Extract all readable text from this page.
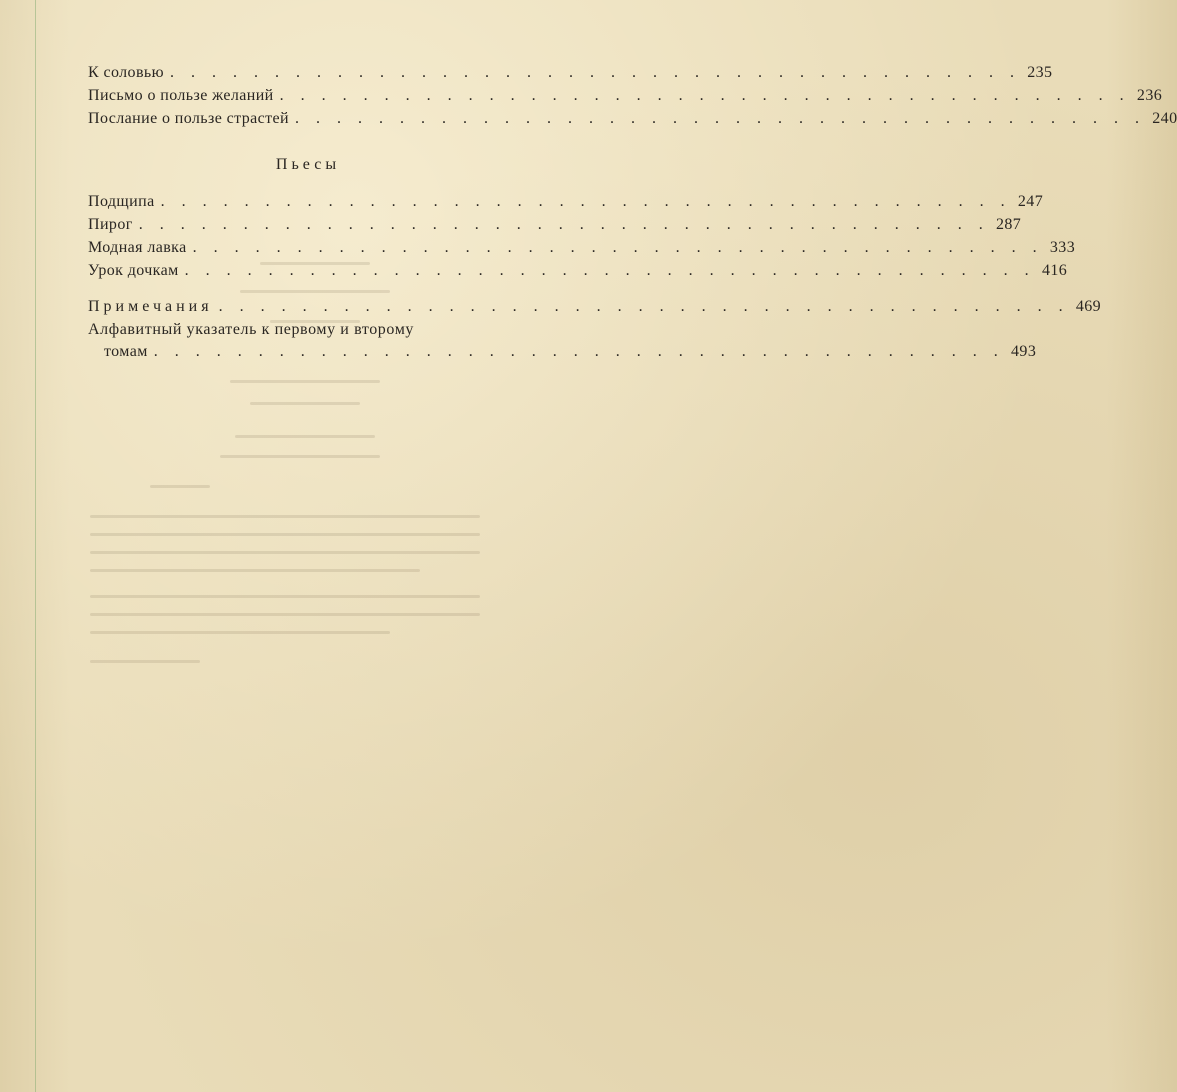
К соловью . . . . . . . . . . . . . . . . . . . . . . . . . . . . . . . . . . . . . . . . . 235
Письмо о пользе желаний . . . . . . . . . . . . . . . . . . . . . . . . . . . . . . . . . . . . . . . . . 236
Послание о пользе страстей . . . . . . . . . . . . . . . . . . . . . . . . . . . . . . . . . . . . . . . . . 240
Пьесы
Подщипа . . . . . . . . . . . . . . . . . . . . . . . . . . . . . . . . . . . . . . . . . 247
Пирог . . . . . . . . . . . . . . . . . . . . . . . . . . . . . . . . . . . . . . . . . 287
Модная лавка . . . . . . . . . . . . . . . . . . . . . . . . . . . . . . . . . . . . . . . . . 333
Урок дочкам . . . . . . . . . . . . . . . . . . . . . . . . . . . . . . . . . . . . . . . . . 416
Примечания . . . . . . . . . . . . . . . . . . . . . . . . . . . . . . . . . . . . . . . . . 469
Алфавитный указатель к первому и второму
томам . . . . . . . . . . . . . . . . . . . . . . . . . . . . . . . . . . . . . . . . . 493
